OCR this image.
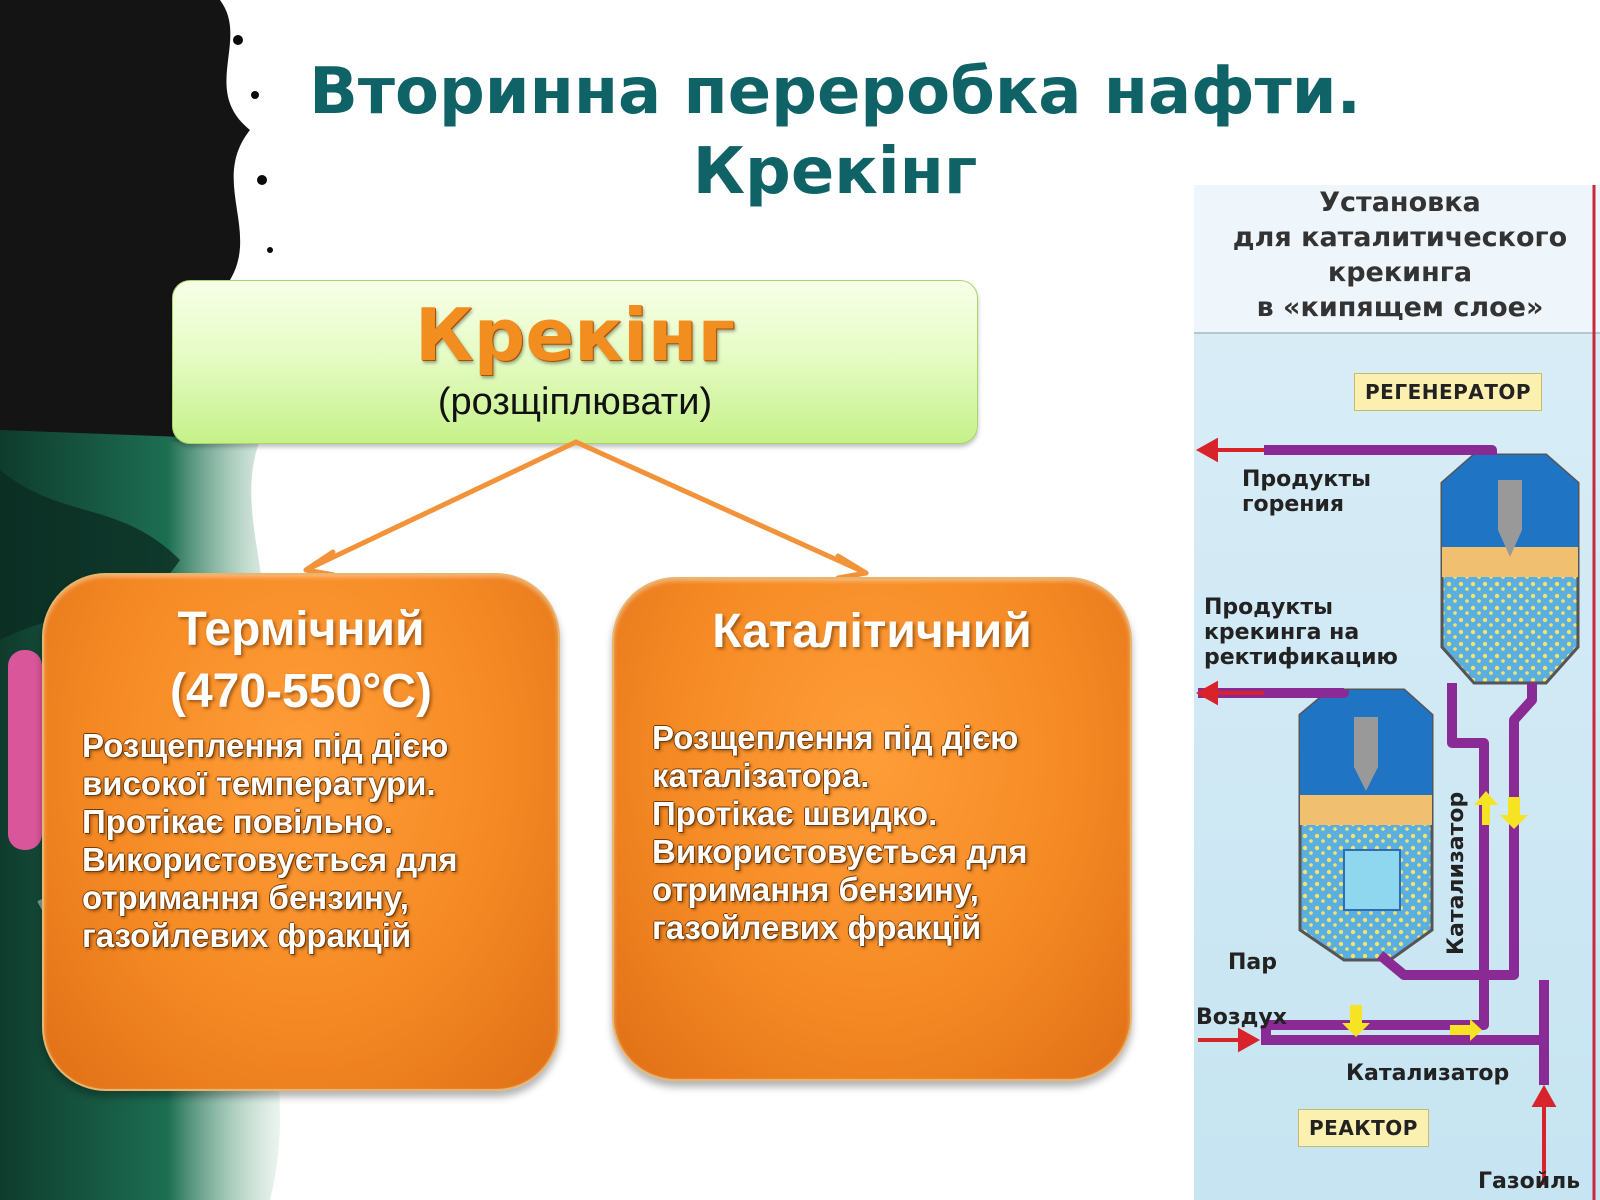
Вторинна переробка нафти.
Крекінг
Крекінг
(розщіплювати)
Термічний
(470-550°С)

Розщеплення під дією

високої температури.

Протікає повільно.

Використовується для

отримання бензину,

газойлевих фракцій

Каталітичний

Розщеплення під дією

каталізатора.

Протікає швидко.

Використовується для

отримання бензину,

газойлевих фракцій

Установка
для каталитического
крекинга
в «кипящем слое»
РЕГЕНЕРАТОР
Продукты
горения
Продукты
крекинга на
ректификацию
Катализатор
Пар
Воздух
Катализатор
РЕАКТОР
Газойль
